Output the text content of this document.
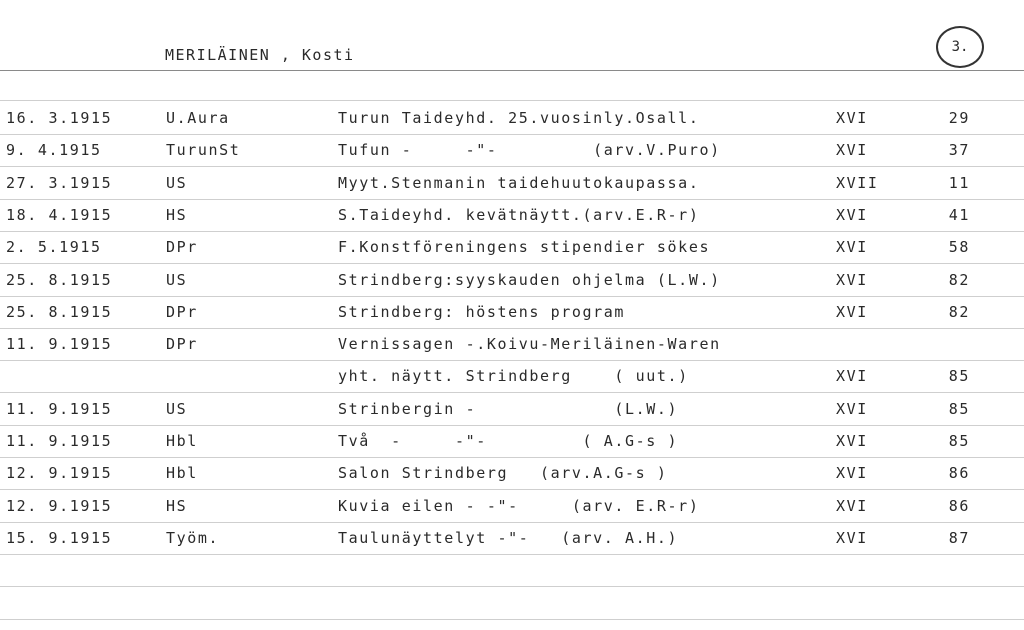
MERILÄINEN , Kosti	3.
16. 3.1915	U.Aura	Turun Taideyhd. 25.vuosinly.Osall.	XVI	29
9. 4.1915	TurunSt	Tufun -     -"-         (arv.V.Puro)	XVI	37
27. 3.1915	US	Myyt.Stenmanin taidehuutokaupassa.	XVII	11
18. 4.1915	HS	S.Taideyhd. kevätnäytt.(arv.E.R-r)	XVI	41
2. 5.1915	DPr	F.Konstföreningens stipendier sökes	XVI	58
25. 8.1915	US	Strindberg:syyskauden ohjelma (L.W.)	XVI	82
25. 8.1915	DPr	Strindberg: höstens program	XVI	82
11. 9.1915	DPr	Vernissagen -.Koivu-Meriläinen-Waren
yht. näytt. Strindberg    ( uut.)	XVI	85
11. 9.1915	US	Strinbergin -             (L.W.)	XVI	85
11. 9.1915	Hbl	Två  -     -"-         ( A.G-s )	XVI	85
12. 9.1915	Hbl	Salon Strindberg   (arv.A.G-s )	XVI	86
12. 9.1915	HS	Kuvia eilen - -"-     (arv. E.R-r)	XVI	86
15. 9.1915	Työm.	Taulunäyttelyt -"-   (arv. A.H.)	XVI	87
